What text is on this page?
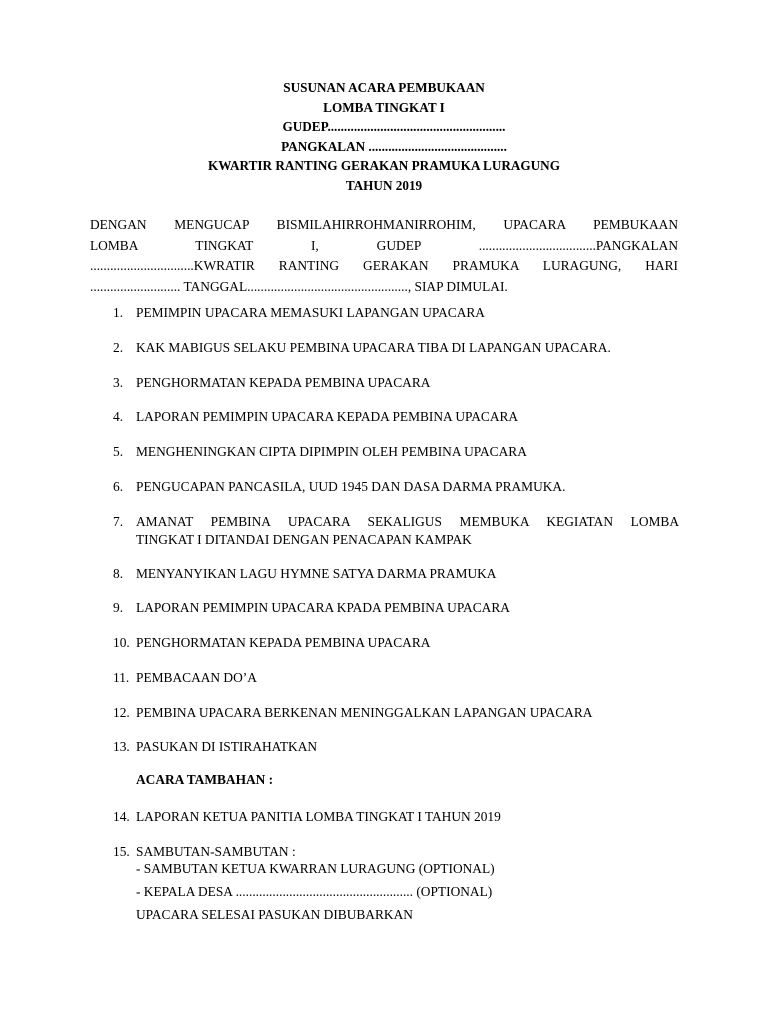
SUSUNAN ACARA PEMBUKAAN
LOMBA TINGKAT I
GUDEP......................................................
PANGKALAN ..........................................
KWARTIR RANTING GERAKAN PRAMUKA LURAGUNG
TAHUN 2019
DENGAN MENGUCAP BISMILAHIRROHMANIRROHIM, UPACARA PEMBUKAAN
LOMBA TINGKAT I, GUDEP ...................................PANGKALAN
...............................KWRATIR RANTING GERAKAN PRAMUKA LURAGUNG, HARI
........................... TANGGAL................................................, SIAP DIMULAI.
1. PEMIMPIN UPACARA MEMASUKI LAPANGAN UPACARA
2. KAK MABIGUS SELAKU PEMBINA UPACARA TIBA DI LAPANGAN UPACARA.
3. PENGHORMATAN KEPADA PEMBINA UPACARA
4. LAPORAN PEMIMPIN UPACARA KEPADA PEMBINA UPACARA
5. MENGHENINGKAN CIPTA DIPIMPIN OLEH PEMBINA UPACARA
6. PENGUCAPAN PANCASILA, UUD 1945 DAN DASA DARMA PRAMUKA.
7. AMANAT PEMBINA UPACARA SEKALIGUS MEMBUKA KEGIATAN LOMBA
TINGKAT I DITANDAI DENGAN PENACAPAN KAMPAK
8. MENYANYIKAN LAGU HYMNE SATYA DARMA PRAMUKA
9. LAPORAN PEMIMPIN UPACARA KPADA PEMBINA UPACARA
10. PENGHORMATAN KEPADA PEMBINA UPACARA
11. PEMBACAAN DO’A
12. PEMBINA UPACARA BERKENAN MENINGGALKAN LAPANGAN UPACARA
13. PASUKAN DI ISTIRAHATKAN
ACARA TAMBAHAN :
14. LAPORAN KETUA PANITIA LOMBA TINGKAT I TAHUN 2019
15. SAMBUTAN-SAMBUTAN :
- SAMBUTAN KETUA KWARRAN LURAGUNG (OPTIONAL)
- KEPALA DESA ..................................................... (OPTIONAL)
UPACARA SELESAI PASUKAN DIBUBARKAN
